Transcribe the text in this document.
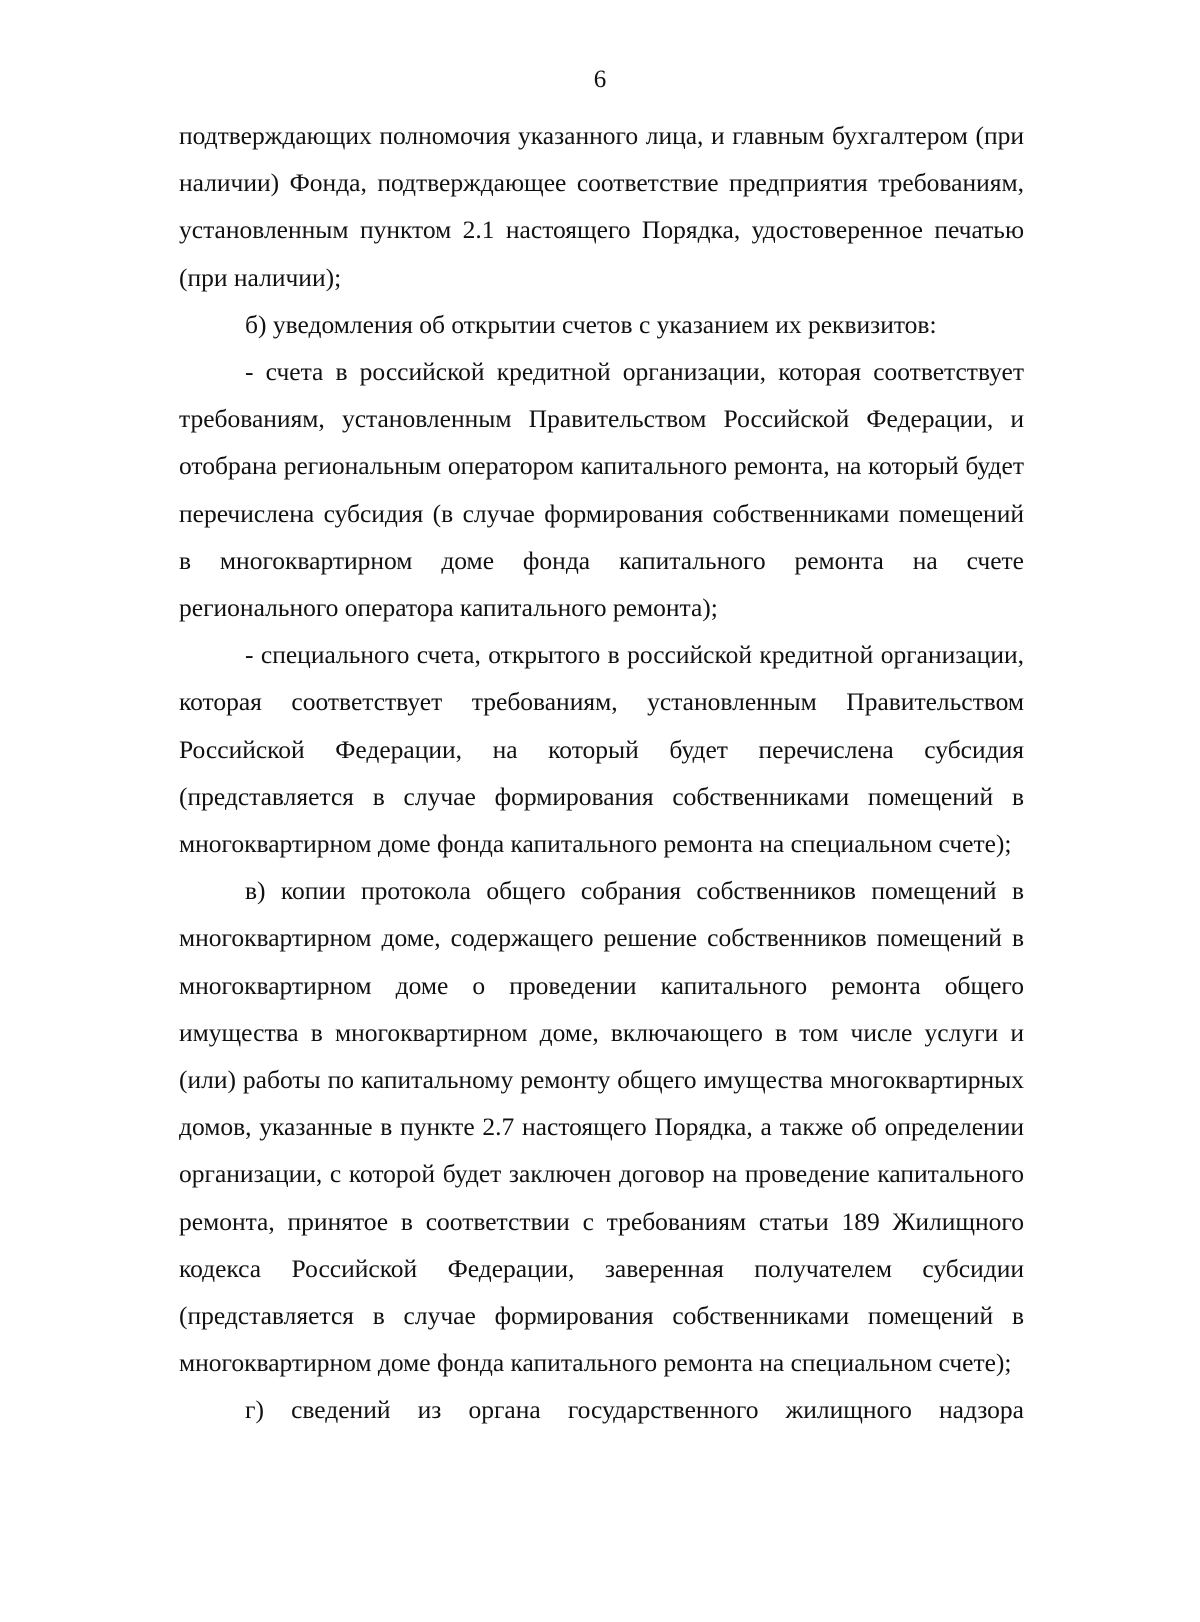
6

подтверждающих полномочия указанного лица, и главным бухгалтером (при наличии) Фонда, подтверждающее соответствие предприятия требованиям, установленным пунктом 2.1 настоящего Порядка, удостоверенное печатью (при наличии);

б) уведомления об открытии счетов с указанием их реквизитов:

- счета в российской кредитной организации, которая соответствует требованиям, установленным Правительством Российской Федерации, и отобрана региональным оператором капитального ремонта, на который будет перечислена субсидия (в случае формирования собственниками помещений в многоквартирном доме фонда капитального ремонта на счете регионального оператора капитального ремонта);

- специального счета, открытого в российской кредитной организации, которая соответствует требованиям, установленным Правительством Российской Федерации, на который будет перечислена субсидия (представляется в случае формирования собственниками помещений в многоквартирном доме фонда капитального ремонта на специальном счете);

в) копии протокола общего собрания собственников помещений в многоквартирном доме, содержащего решение собственников помещений в многоквартирном доме о проведении капитального ремонта общего имущества в многоквартирном доме, включающего в том числе услуги и (или) работы по капитальному ремонту общего имущества многоквартирных домов, указанные в пункте 2.7 настоящего Порядка, а также об определении организации, с которой будет заключен договор на проведение капитального ремонта, принятое в соответствии с требованиям статьи 189 Жилищного кодекса Российской Федерации, заверенная получателем субсидии (представляется в случае формирования собственниками помещений в многоквартирном доме фонда капитального ремонта на специальном счете);

г) сведений из органа государственного жилищного надзора
